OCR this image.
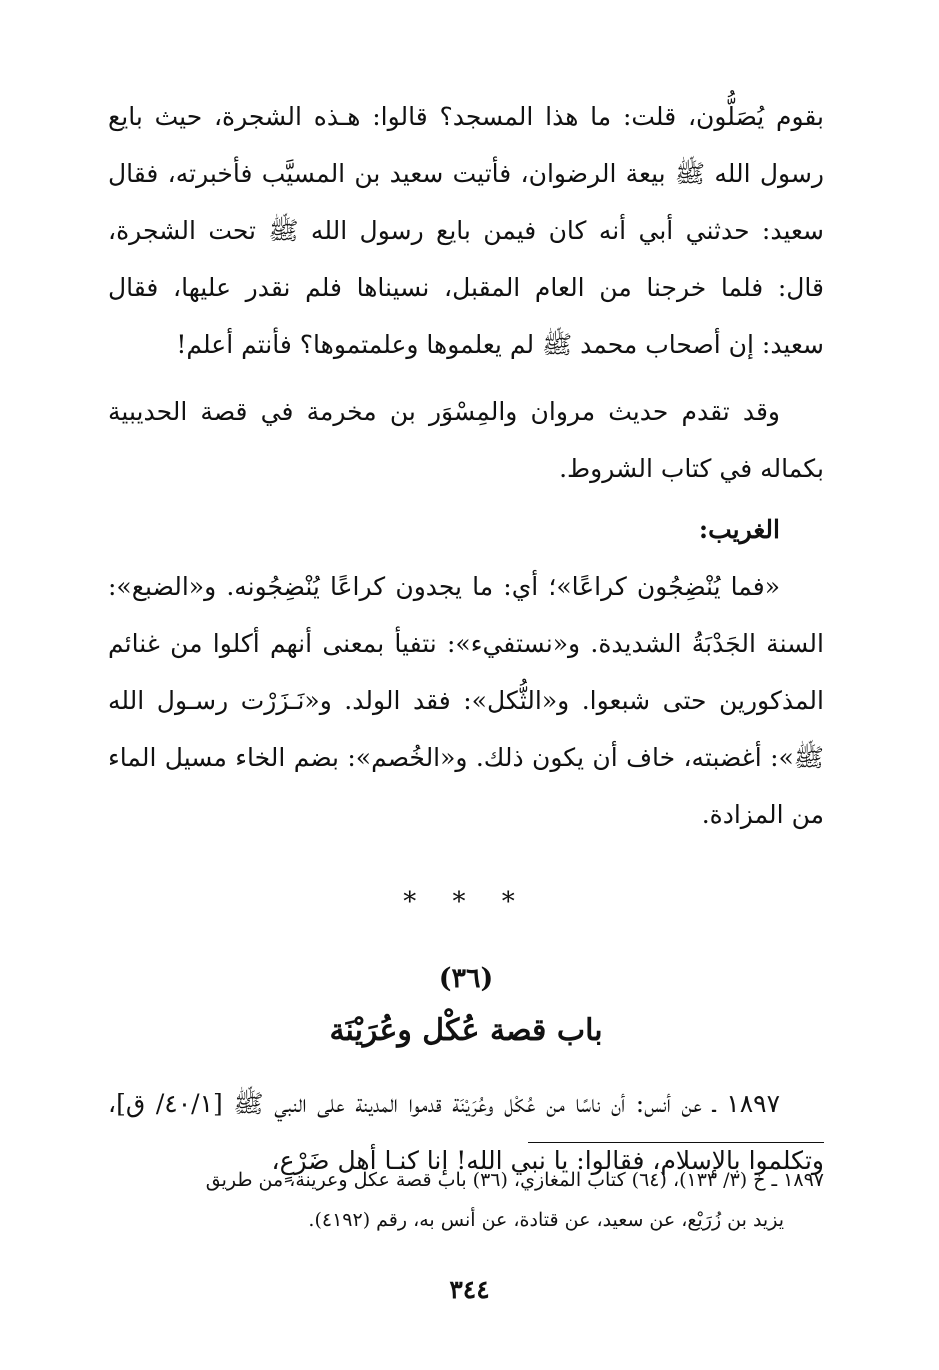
بقوم يُصَلُّون، قلت: ما هذا المسجد؟ قالوا: هـذه الشجرة، حيث بايع رسول الله ﷺ بيعة الرضوان، فأتيت سعيد بن المسيَّب فأخبرته، فقال سعيد: حدثني أبي أنه كان فيمن بايع رسول الله ﷺ تحت الشجرة، قال: فلما خرجنا من العام المقبل، نسيناها فلم نقدر عليها، فقال سعيد: إن أصحاب محمد ﷺ لم يعلموها وعلمتموها؟ فأنتم أعلم!

وقد تقدم حديث مروان والمِسْوَر بن مخرمة في قصة الحديبية بكماله في كتاب الشروط.

الغريب:

«فما يُنْضِجُون كراعًا»؛ أي: ما يجدون كراعًا يُنْضِجُونه. و«الضبع»: السنة الجَدْبَةُ الشديدة. و«نستفيء»: نتفيأ بمعنى أنهم أكلوا من غنائم المذكورين حتى شبعوا. و«الثُّكل»: فقد الولد. و«نَـزَرْت رسـول الله ﷺ»: أغضبته، خاف أن يكون ذلك. و«الخُصم»: بضم الخاء مسيل الماء من المزادة.

* * *
(٣٦)
باب قصة عُكْل وعُرَيْنَة

١٨٩٧ ـ عن أنس: أن ناسًا من عُكْل وعُرَيْنَة قدموا المدينة على النبي ﷺ [٤٠/١/ ق]، وتكلموا بالإسلام، فقالوا: يا نبي الله! إنا كنـا أهل ضَرْعٍ،

١٨٩٧ ـ خ (٣/ ١٣٣)، (٦٤) كتاب المغازي، (٣٦) باب قصة عكل وعرينة، من طريق
يزيد بن زُرَيْع، عن سعيد، عن قتادة، عن أنس به، رقم (٤١٩٢).
٣٤٤
